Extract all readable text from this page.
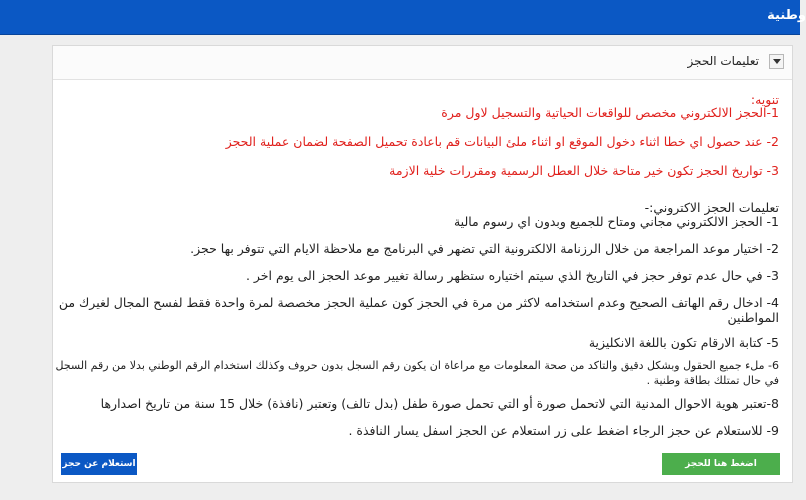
وطنية
تعليمات الحجز
تنويه:
1-الحجز الالكتروني مخصص للواقعات الحياتية والتسجيل لاول مرة
2- عند حصول اي خطا اثناء دخول الموقع او اثناء ملئ البيانات قم باعادة تحميل الصفحة لضمان عملية الحجز
3- تواريخ الحجز تكون خير متاحة خلال العطل الرسمية ومقررات خلية الازمة
تعليمات الحجز الاكتروني:-
1- الحجز الالكتروني مجاني ومتاح للجميع وبدون اي رسوم مالية
2- اختيار موعد المراجعة من خلال الرزنامة الالكترونية التي تضهر في البرنامج مع ملاحظة الايام التي تتوفر بها حجز.
3- في حال عدم توفر حجز في التاريخ الذي سيتم اختياره ستظهر رسالة تغيير موعد الحجز الى يوم اخر .
4- ادخال رقم الهاتف الصحيح وعدم استخدامه لاكثر من مرة في الحجز كون عملية الحجز مخصصة لمرة واحدة فقط لفسح المجال لغيرك من المواطنين
5- كتابة الارقام تكون باللغة الانكليزية
6- ملء جميع الحقول وبشكل دقيق والتاكد من صحة المعلومات مع مراعاة ان يكون رقم السجل بدون حروف وكذلك استخدام الرقم الوطني بدلا من رقم السجل في حال تمتلك بطاقة وطنية .
8-تعتبر هوية الاحوال المدنية التي لاتحمل صورة أو التي تحمل صورة طفل (بدل تالف) وتعتبر (نافذة) خلال 15 سنة من تاريخ اصدارها
9- للاستعلام عن حجز الرجاء اضغط على زر استعلام عن الحجز اسفل يسار النافذة .
استعلام عن حجز	اضغط هنا للحجز
